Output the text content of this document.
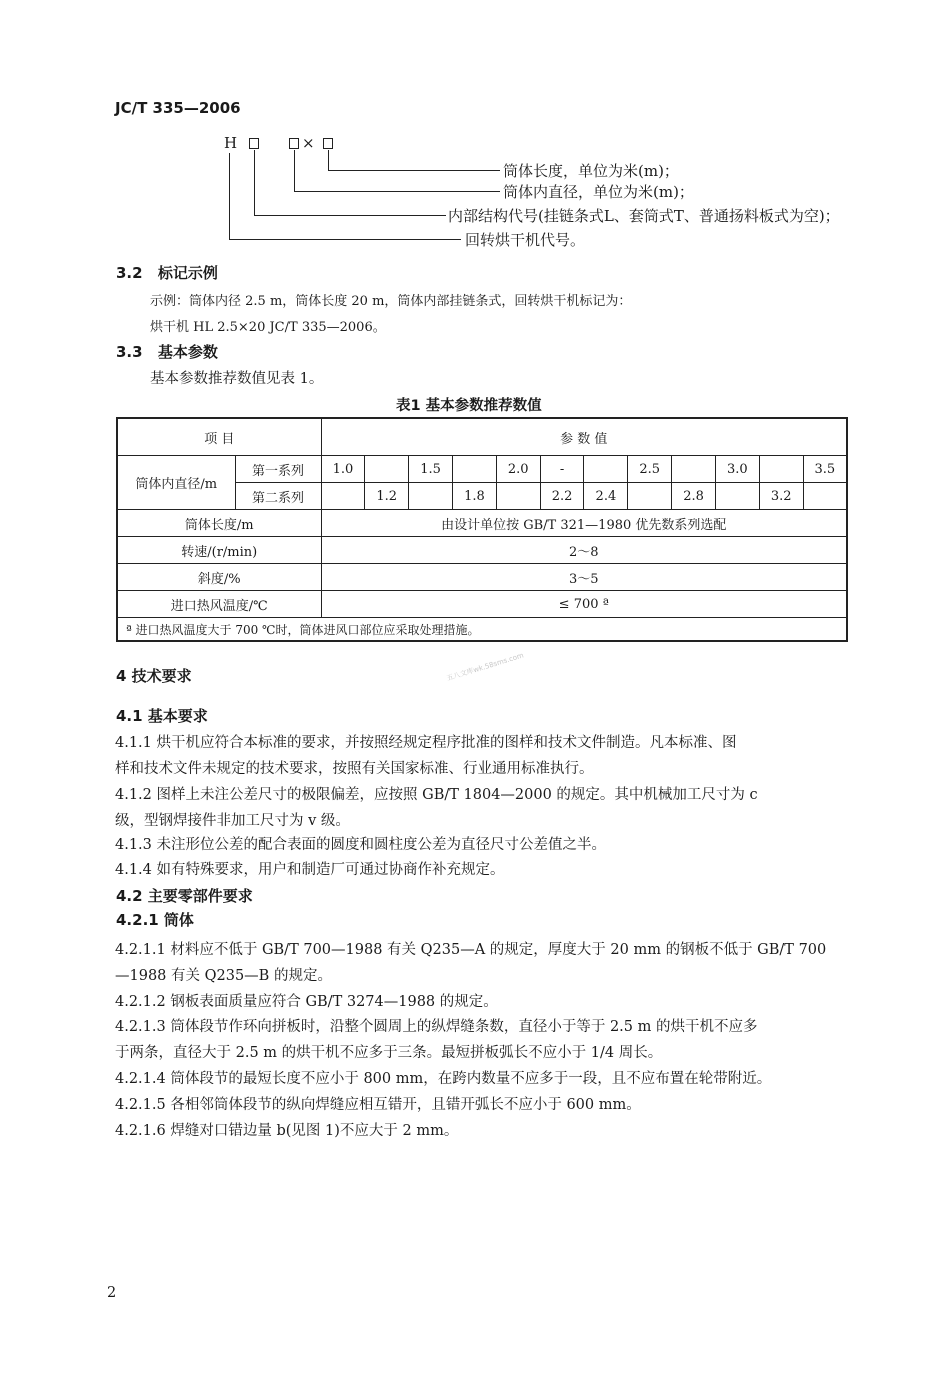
JC/T 335—2006
H	×
筒体长度，单位为米(m)；
筒体内直径，单位为米(m)；
内部结构代号(挂链条式L、套筒式T、普通扬料板式为空)；
回转烘干机代号。
3.2 标记示例
示例：筒体内径 2.5 m，筒体长度 20 m，筒体内部挂链条式，回转烘干机标记为：
烘干机 HL 2.5×20 JC/T 335—2006。
3.3 基本参数
基本参数推荐数值见表 1。
表1 基本参数推荐数值
项 目		参 数 值											
筒体内直径/m	第一系列	1.0		1.5		2.0	-		2.5		3.0		3.5
	第二系列		1.2		1.8		2.2	2.4		2.8		3.2	
筒体长度/m		由设计单位按 GB/T 321—1980 优先数系列选配											
转速/(r/min)		2～8											
斜度/%		3～5											
进口热风温度/℃		≤ 700 ª											
ª 进口热风温度大于 700 ℃时，筒体进风口部位应采取处理措施。													
五八文库wk.58sms.com
4 技术要求
4.1 基本要求
4.1.1 烘干机应符合本标准的要求，并按照经规定程序批准的图样和技术文件制造。凡本标准、图
样和技术文件未规定的技术要求，按照有关国家标准、行业通用标准执行。
4.1.2 图样上未注公差尺寸的极限偏差，应按照 GB/T 1804—2000 的规定。其中机械加工尺寸为 c
级，型钢焊接件非加工尺寸为 v 级。
4.1.3 未注形位公差的配合表面的圆度和圆柱度公差为直径尺寸公差值之半。
4.1.4 如有特殊要求，用户和制造厂可通过协商作补充规定。
4.2 主要零部件要求
4.2.1 筒体
4.2.1.1 材料应不低于 GB/T 700—1988 有关 Q235—A 的规定，厚度大于 20 mm 的钢板不低于 GB/T 700
—1988 有关 Q235—B 的规定。
4.2.1.2 钢板表面质量应符合 GB/T 3274—1988 的规定。
4.2.1.3 筒体段节作环向拼板时，沿整个圆周上的纵焊缝条数，直径小于等于 2.5 m 的烘干机不应多
于两条，直径大于 2.5 m 的烘干机不应多于三条。最短拼板弧长不应小于 1/4 周长。
4.2.1.4 筒体段节的最短长度不应小于 800 mm，在跨内数量不应多于一段，且不应布置在轮带附近。
4.2.1.5 各相邻筒体段节的纵向焊缝应相互错开，且错开弧长不应小于 600 mm。
4.2.1.6 焊缝对口错边量 b(见图 1)不应大于 2 mm。
2
